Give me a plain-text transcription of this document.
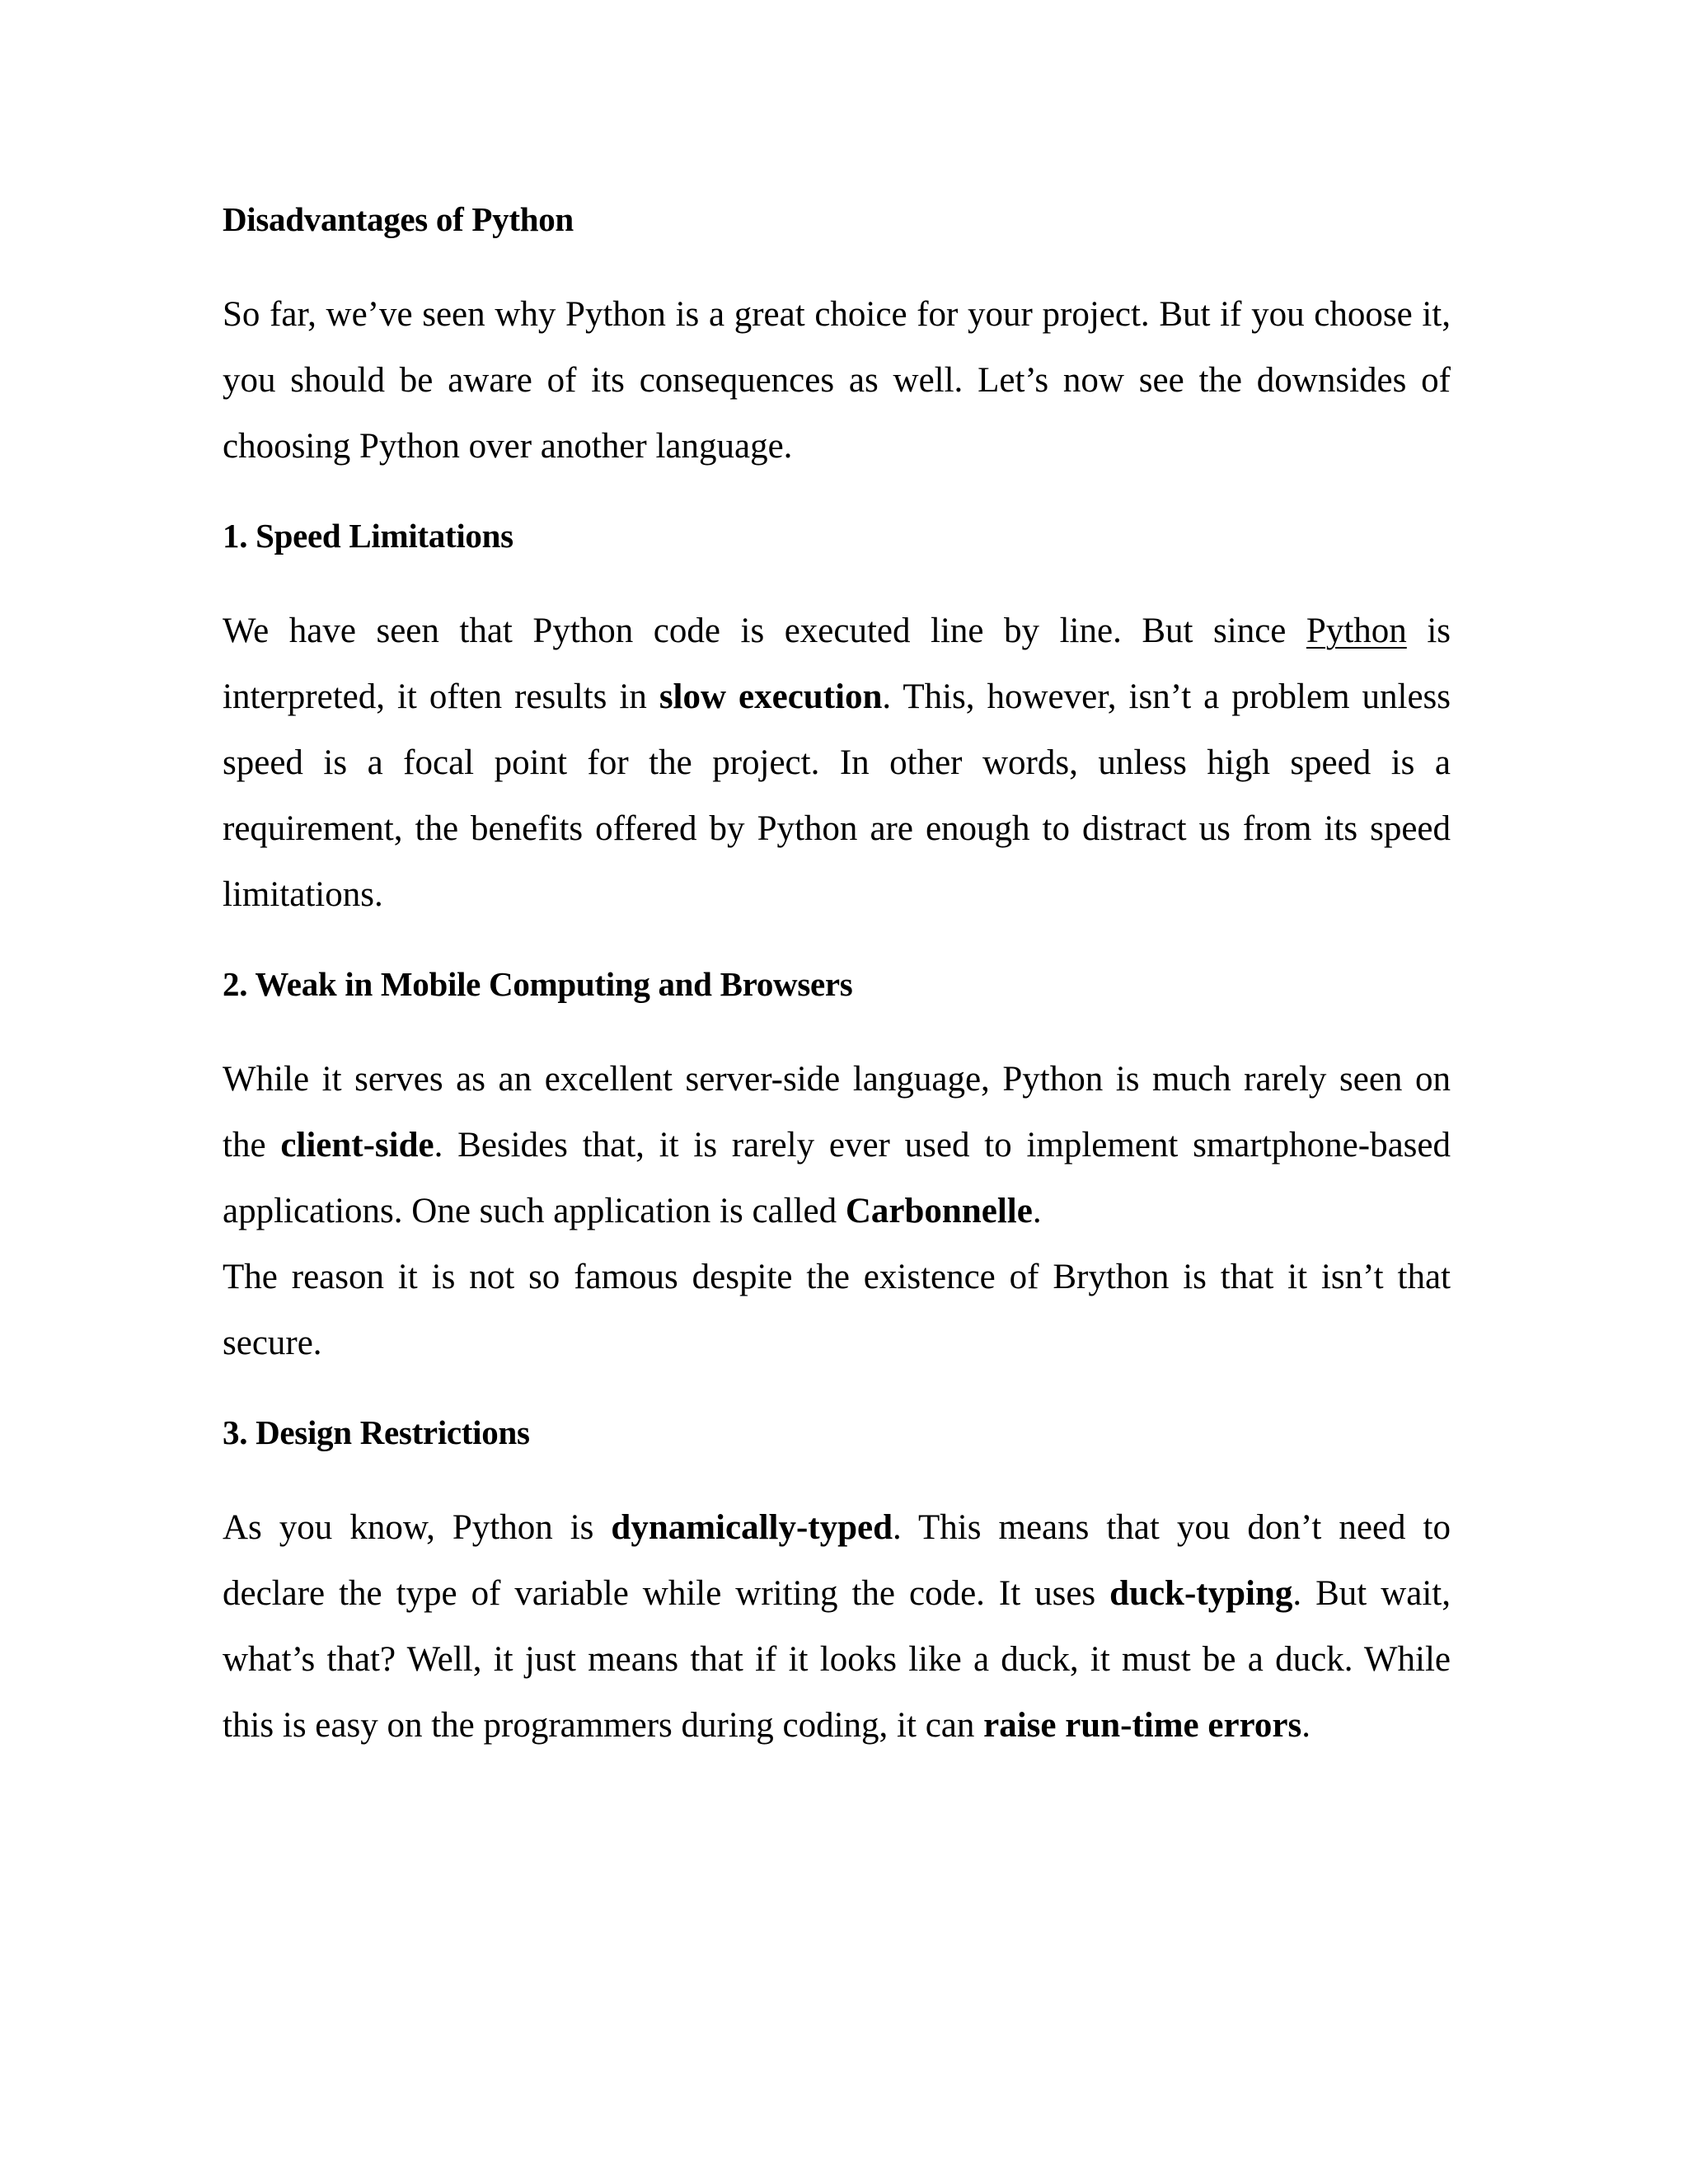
Disadvantages of Python

So far, we’ve seen why Python is a great choice for your project. But if you choose it, you should be aware of its consequences as well. Let’s now see the downsides of choosing Python over another language.

1. Speed Limitations

We have seen that Python code is executed line by line. But since Python is interpreted, it often results in slow execution. This, however, isn’t a problem unless speed is a focal point for the project. In other words, unless high speed is a requirement, the benefits offered by Python are enough to distract us from its speed limitations.

2. Weak in Mobile Computing and Browsers

While it serves as an excellent server-side language, Python is much rarely seen on the client-side. Besides that, it is rarely ever used to implement smartphone-based applications. One such application is called Carbonnelle.

The reason it is not so famous despite the existence of Brython is that it isn’t that secure.

3. Design Restrictions

As you know, Python is dynamically-typed. This means that you don’t need to declare the type of variable while writing the code. It uses duck-typing. But wait, what’s that? Well, it just means that if it looks like a duck, it must be a duck. While this is easy on the programmers during coding, it can raise run-time errors.
